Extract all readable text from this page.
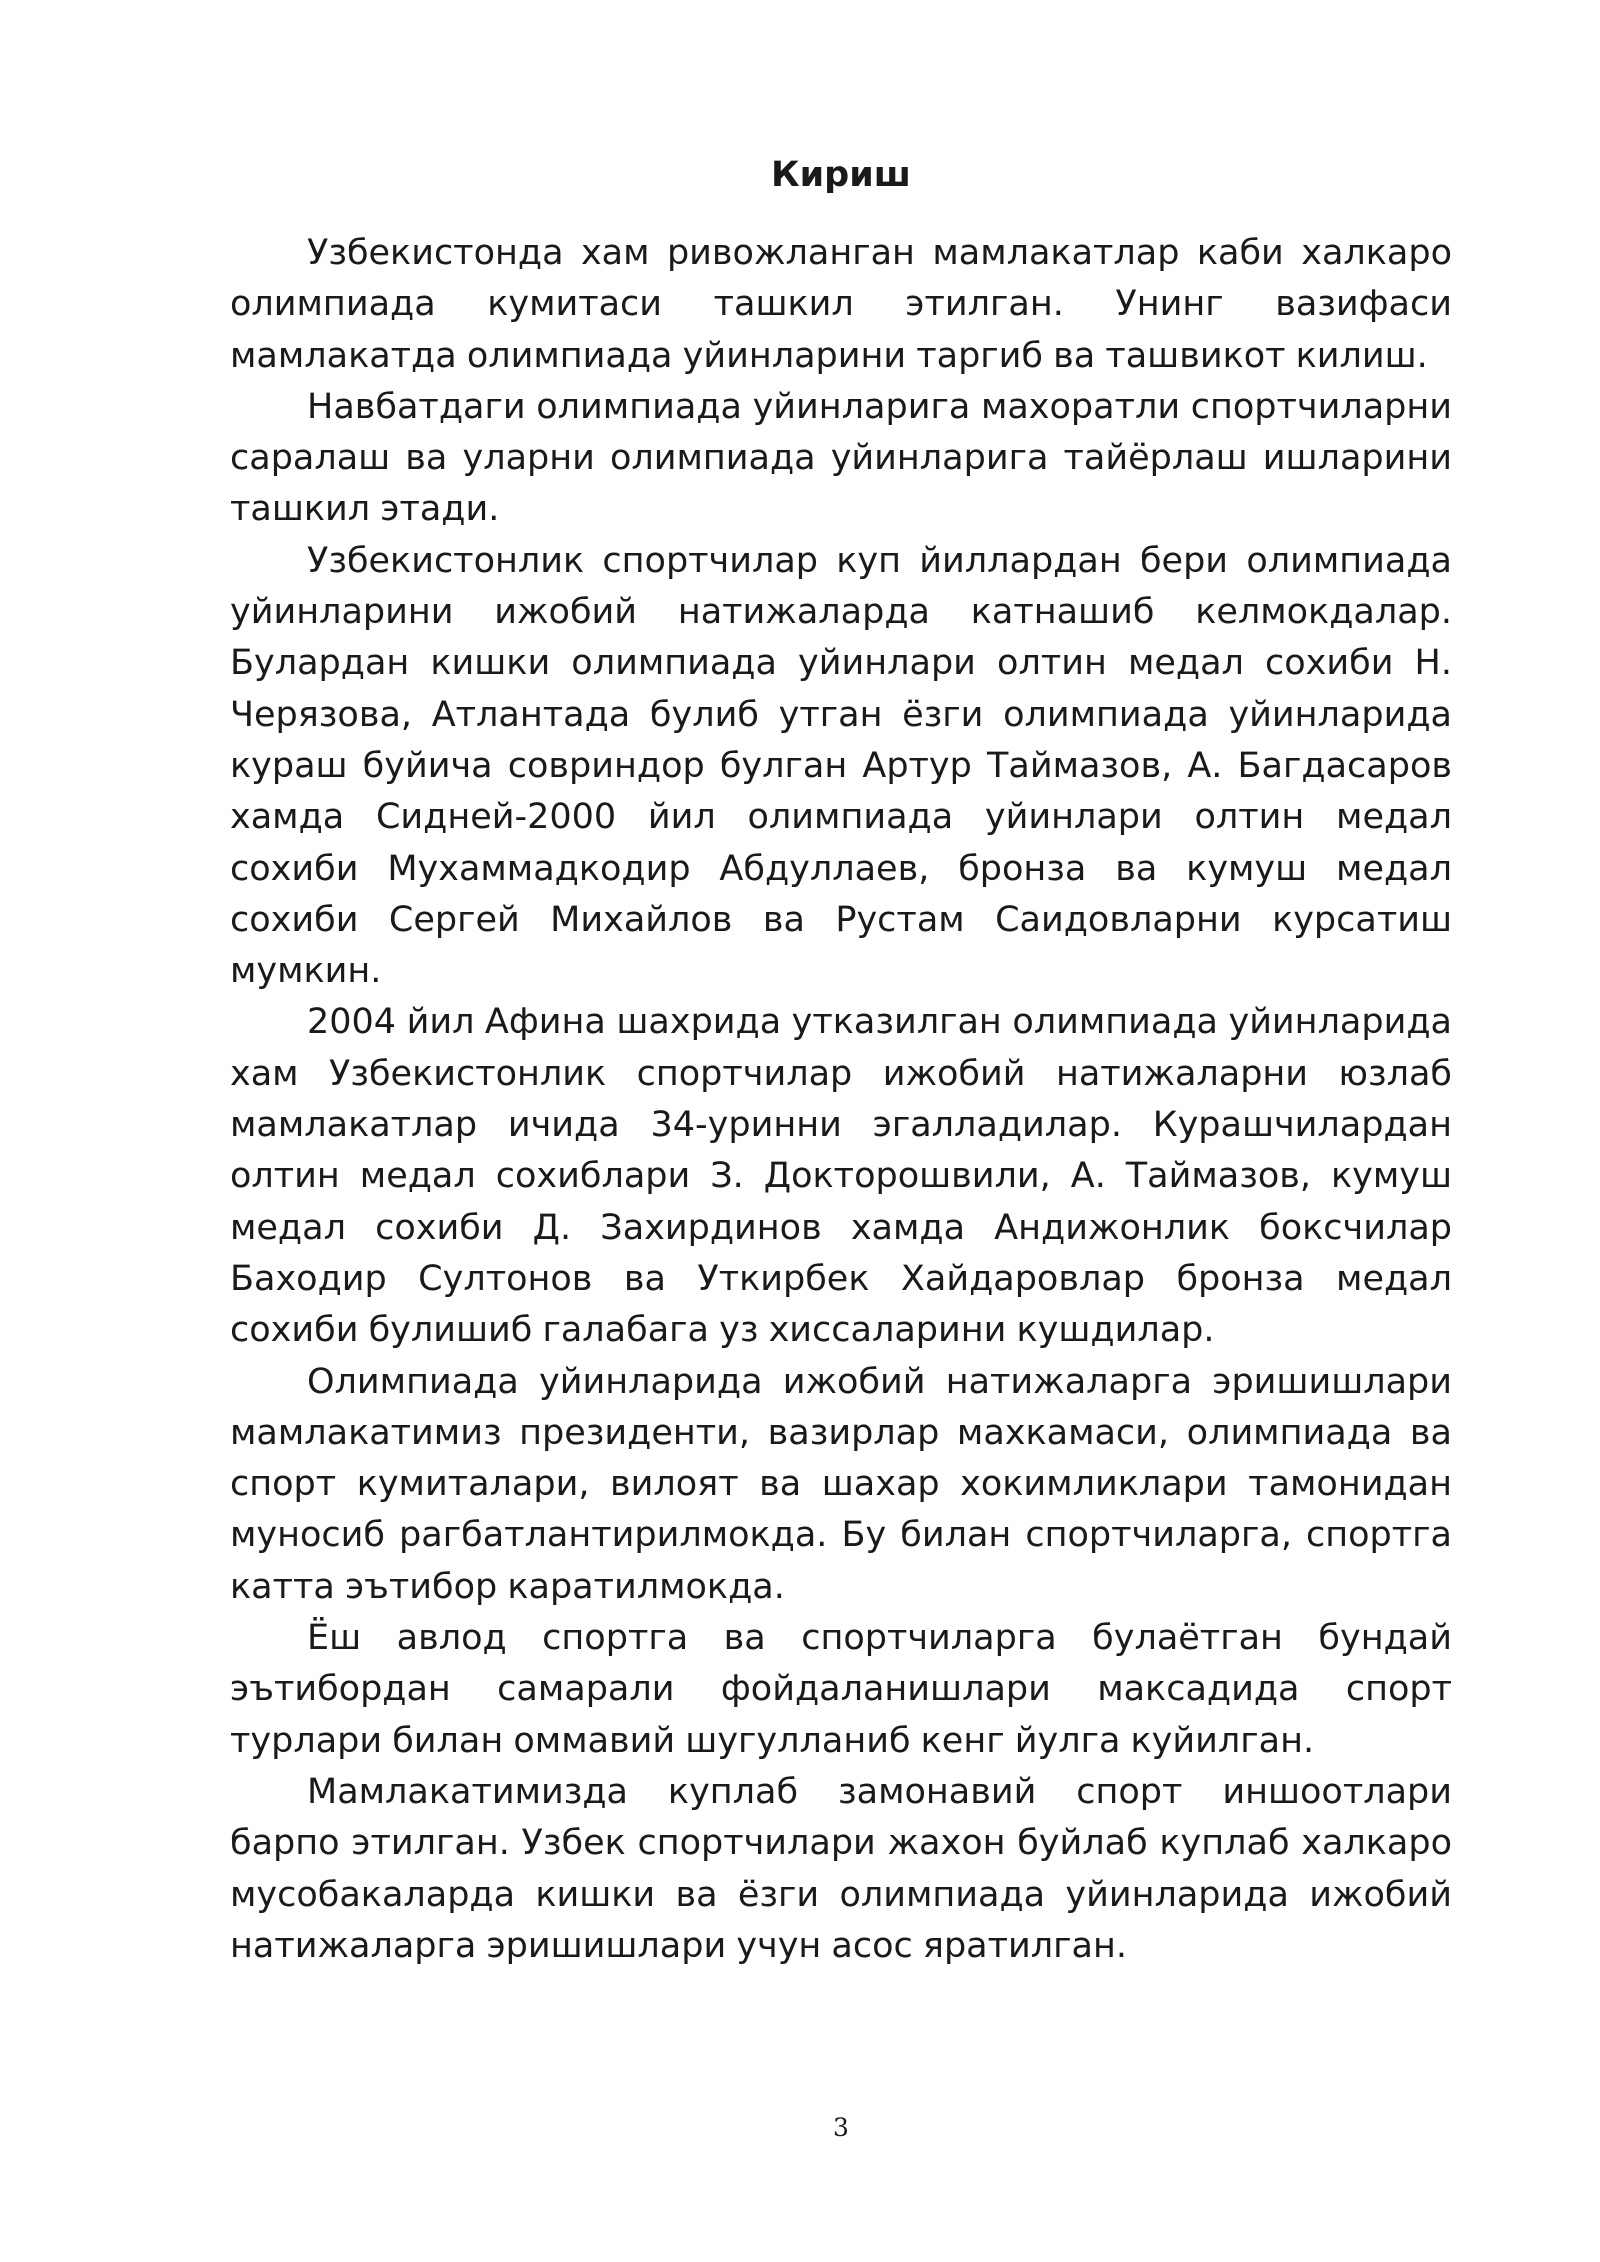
Кириш

Узбекистонда хам ривожланган мамлакатлар каби халкаро олимпиада кумитаси ташкил этилган. Унинг вазифаси мамлакатда олимпиада уйинларини таргиб ва ташвикот килиш.

Навбатдаги олимпиада уйинларига махоратли спортчиларни саралаш ва уларни олимпиада уйинларига тайёрлаш ишларини ташкил этади.

Узбекистонлик спортчилар куп йиллардан бери олимпиада уйинларини ижобий натижаларда катнашиб келмокдалар. Булардан кишки олимпиада уйинлари олтин медал сохиби Н. Черязова, Атлантада булиб утган ёзги олимпиада уйинларида кураш буйича совриндор булган Артур Таймазов, А. Багдасаров хамда Сидней-2000 йил олимпиада уйинлари олтин медал сохиби Мухаммадкодир Абдуллаев, бронза ва кумуш медал сохиби Сергей Михайлов ва Рустам Саидовларни курсатиш мумкин.

2004 йил Афина шахрида утказилган олимпиада уйинларида хам Узбекистонлик спортчилар ижобий натижаларни юзлаб мамлакатлар ичида 34-уринни эгалладилар. Курашчилардан олтин медал сохиблари З. Докторошвили, А. Таймазов, кумуш медал сохиби Д. Захирдинов хамда Андижонлик боксчилар Баходир Султонов ва Уткирбек Хайдаровлар бронза медал сохиби булишиб галабага уз хиссаларини кушдилар.

Олимпиада уйинларида ижобий натижаларга эришишлари мамлакатимиз президенти, вазирлар махкамаси, олимпиада ва спорт кумиталари, вилоят ва шахар хокимликлари тамонидан муносиб рагбатлантирилмокда. Бу билан спортчиларга, спортга катта эътибор каратилмокда.

Ёш авлод спортга ва спортчиларга булаётган бундай эътибордан самарали фойдаланишлари максадида спорт турлари билан оммавий шугулланиб кенг йулга куйилган.

Мамлакатимизда куплаб замонавий спорт иншоотлари барпо этилган. Узбек спортчилари жахон буйлаб куплаб халкаро мусобакаларда кишки ва ёзги олимпиада уйинларида ижобий натижаларга эришишлари учун асос яратилган.

3
